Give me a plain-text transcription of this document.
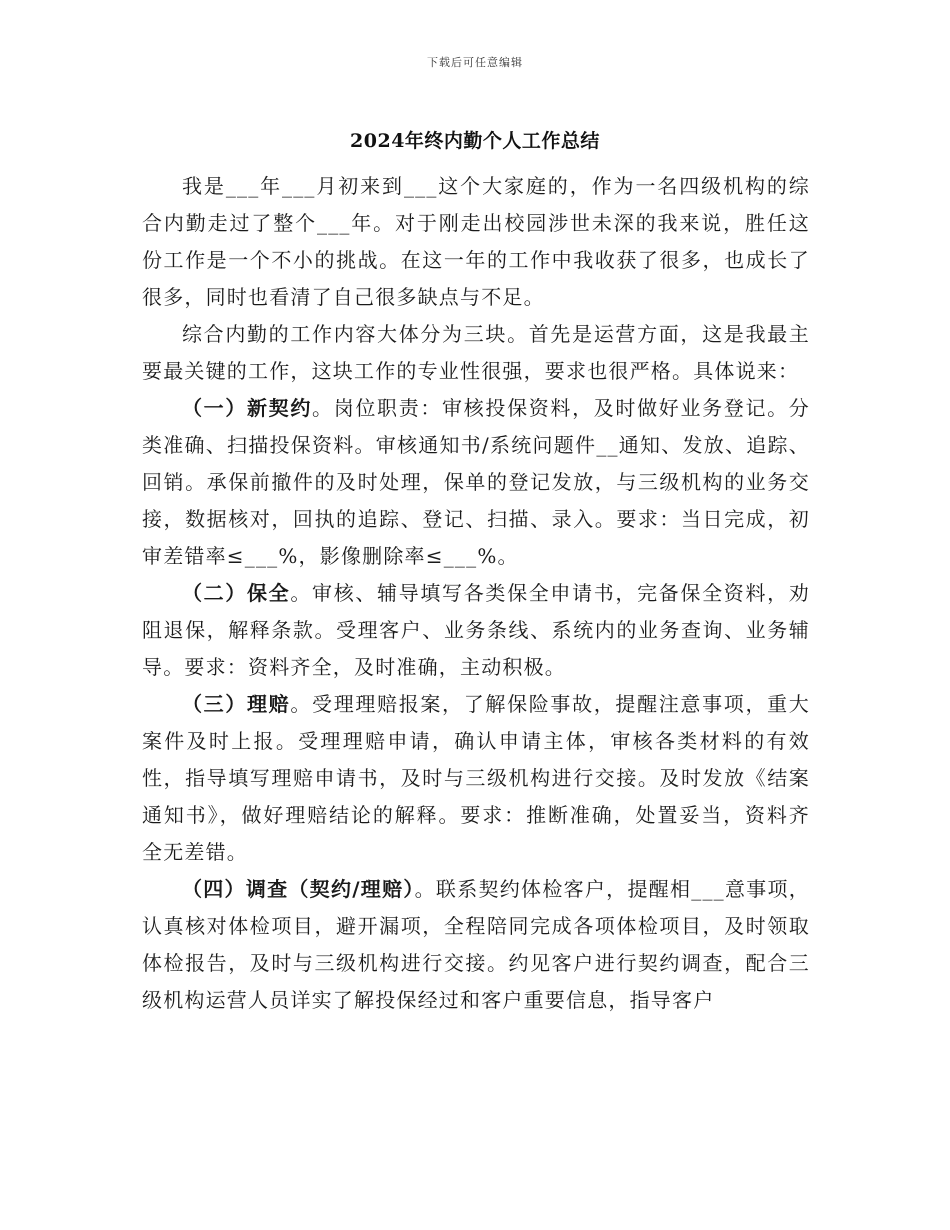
下载后可任意编辑
2024年终内勤个人工作总结

我是___年___月初来到___这个大家庭的，作为一名四级机构的综合内勤走过了整个___年。对于刚走出校园涉世未深的我来说，胜任这份工作是一个不小的挑战。在这一年的工作中我收获了很多，也成长了很多，同时也看清了自己很多缺点与不足。

综合内勤的工作内容大体分为三块。首先是运营方面，这是我最主要最关键的工作，这块工作的专业性很强，要求也很严格。具体说来：

（一）新契约。岗位职责：审核投保资料，及时做好业务登记。分类准确、扫描投保资料。审核通知书/系统问题件__通知、发放、追踪、回销。承保前撤件的及时处理，保单的登记发放，与三级机构的业务交接，数据核对，回执的追踪、登记、扫描、录入。要求：当日完成，初审差错率≤___%，影像删除率≤___%。

（二）保全。审核、辅导填写各类保全申请书，完备保全资料，劝阻退保，解释条款。受理客户、业务条线、系统内的业务查询、业务辅导。要求：资料齐全，及时准确，主动积极。

（三）理赔。受理理赔报案，了解保险事故，提醒注意事项，重大案件及时上报。受理理赔申请，确认申请主体，审核各类材料的有效性，指导填写理赔申请书，及时与三级机构进行交接。及时发放《结案通知书》，做好理赔结论的解释。要求：推断准确，处置妥当，资料齐全无差错。

（四）调查（契约/理赔）。联系契约体检客户，提醒相___意事项，认真核对体检项目，避开漏项，全程陪同完成各项体检项目，及时领取体检报告，及时与三级机构进行交接。约见客户进行契约调查，配合三级机构运营人员详实了解投保经过和客户重要信息，指导客户
